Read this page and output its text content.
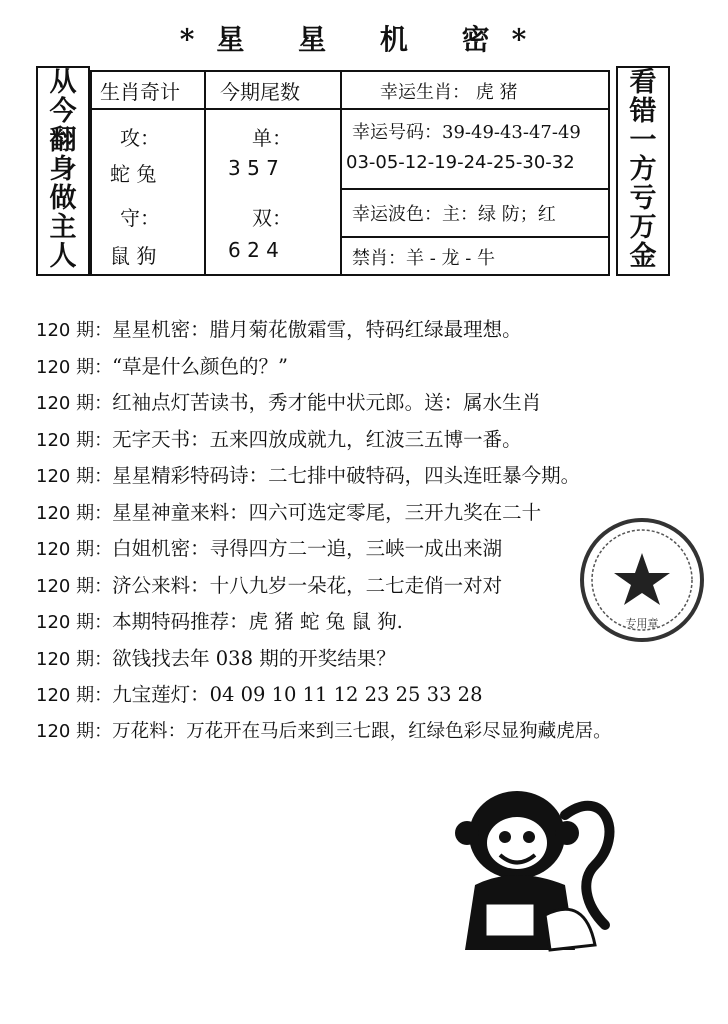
*星 星 机 密*
从
今
翻
身
做
主
人
生肖奇计 今期尾数
攻：
蛇 兔
单：
3 5 7
守：
鼠 狗
双：
6 2 4
幸运生肖： 虎 猪
幸运号码：39-49-43-47-49
03-05-12-19-24-25-30-32
幸运波色：主：绿 防；红
禁肖：羊 - 龙 - 牛
看
错
一
方
亏
万
金
120 期：星星机密：腊月菊花傲霜雪，特码红绿最理想。
120 期：“草是什么颜色的？”
120 期：红袖点灯苦读书，秀才能中状元郎。送：属水生肖
120 期：无字天书：五来四放成就九，红波三五博一番。
120 期：星星精彩特码诗：二七排中破特码，四头连旺暴今期。
120 期：星星神童来料：四六可选定零尾，三开九奖在二十
120 期：白姐机密：寻得四方二一追，三峡一成出来湖
120 期：济公来料：十八九岁一朵花，二七走俏一对对
120 期：本期特码推荐：虎 猪 蛇 兔 鼠 狗.
120 期：欲钱找去年 038 期的开奖结果？
120 期：九宝莲灯：04 09 10 11 12 23 25 33 28
120 期：万花料：万花开在马后来到三七跟，红绿色彩尽显狗藏虎居。
专用章
